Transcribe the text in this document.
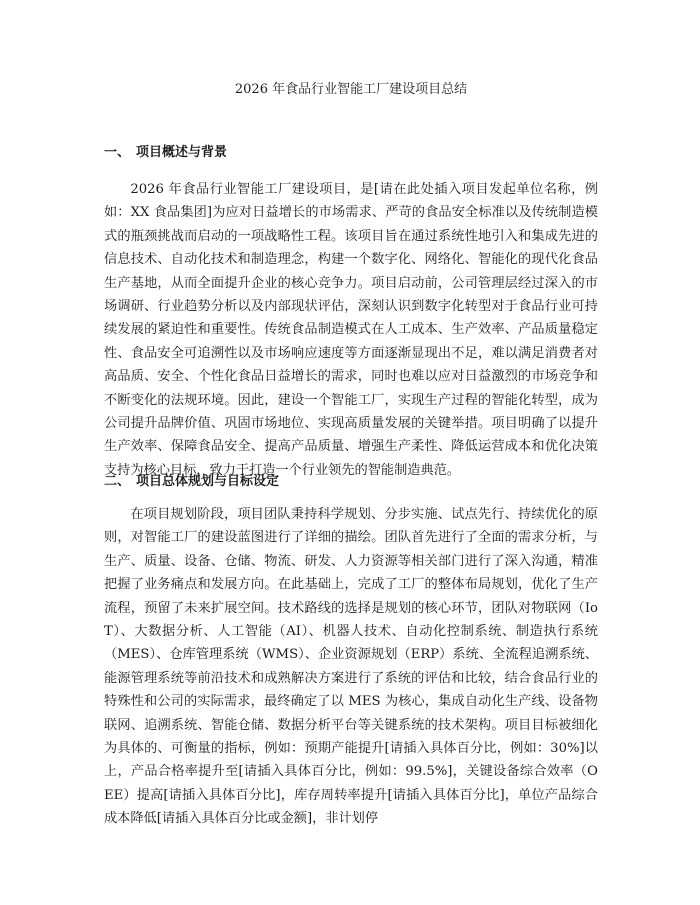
2026 年食品行业智能工厂建设项目总结
一、 项目概述与背景

2026 年食品行业智能工厂建设项目，是[请在此处插入项目发起单位名称，例如：XX 食品集团]为应对日益增长的市场需求、严苛的食品安全标准以及传统制造模式的瓶颈挑战而启动的一项战略性工程。该项目旨在通过系统性地引入和集成先进的信息技术、自动化技术和制造理念，构建一个数字化、网络化、智能化的现代化食品生产基地，从而全面提升企业的核心竞争力。项目启动前，公司管理层经过深入的市场调研、行业趋势分析以及内部现状评估，深刻认识到数字化转型对于食品行业可持续发展的紧迫性和重要性。传统食品制造模式在人工成本、生产效率、产品质量稳定性、食品安全可追溯性以及市场响应速度等方面逐渐显现出不足，难以满足消费者对高品质、安全、个性化食品日益增长的需求，同时也难以应对日益激烈的市场竞争和不断变化的法规环境。因此，建设一个智能工厂，实现生产过程的智能化转型，成为公司提升品牌价值、巩固市场地位、实现高质量发展的关键举措。项目明确了以提升生产效率、保障食品安全、提高产品质量、增强生产柔性、降低运营成本和优化决策支持为核心目标，致力于打造一个行业领先的智能制造典范。

二、 项目总体规划与目标设定

在项目规划阶段，项目团队秉持科学规划、分步实施、试点先行、持续优化的原则，对智能工厂的建设蓝图进行了详细的描绘。团队首先进行了全面的需求分析，与生产、质量、设备、仓储、物流、研发、人力资源等相关部门进行了深入沟通，精准把握了业务痛点和发展方向。在此基础上，完成了工厂的整体布局规划，优化了生产流程，预留了未来扩展空间。技术路线的选择是规划的核心环节，团队对物联网（IoT）、大数据分析、人工智能（AI）、机器人技术、自动化控制系统、制造执行系统（MES）、仓库管理系统（WMS）、企业资源规划（ERP）系统、全流程追溯系统、能源管理系统等前沿技术和成熟解决方案进行了系统的评估和比较，结合食品行业的特殊性和公司的实际需求，最终确定了以 MES 为核心，集成自动化生产线、设备物联网、追溯系统、智能仓储、数据分析平台等关键系统的技术架构。项目目标被细化为具体的、可衡量的指标，例如：预期产能提升[请插入具体百分比，例如：30%]以上，产品合格率提升至[请插入具体百分比，例如：99.5%]，关键设备综合效率（OEE）提高[请插入具体百分比]，库存周转率提升[请插入具体百分比]，单位产品综合成本降低[请插入具体百分比或金额]，非计划停
